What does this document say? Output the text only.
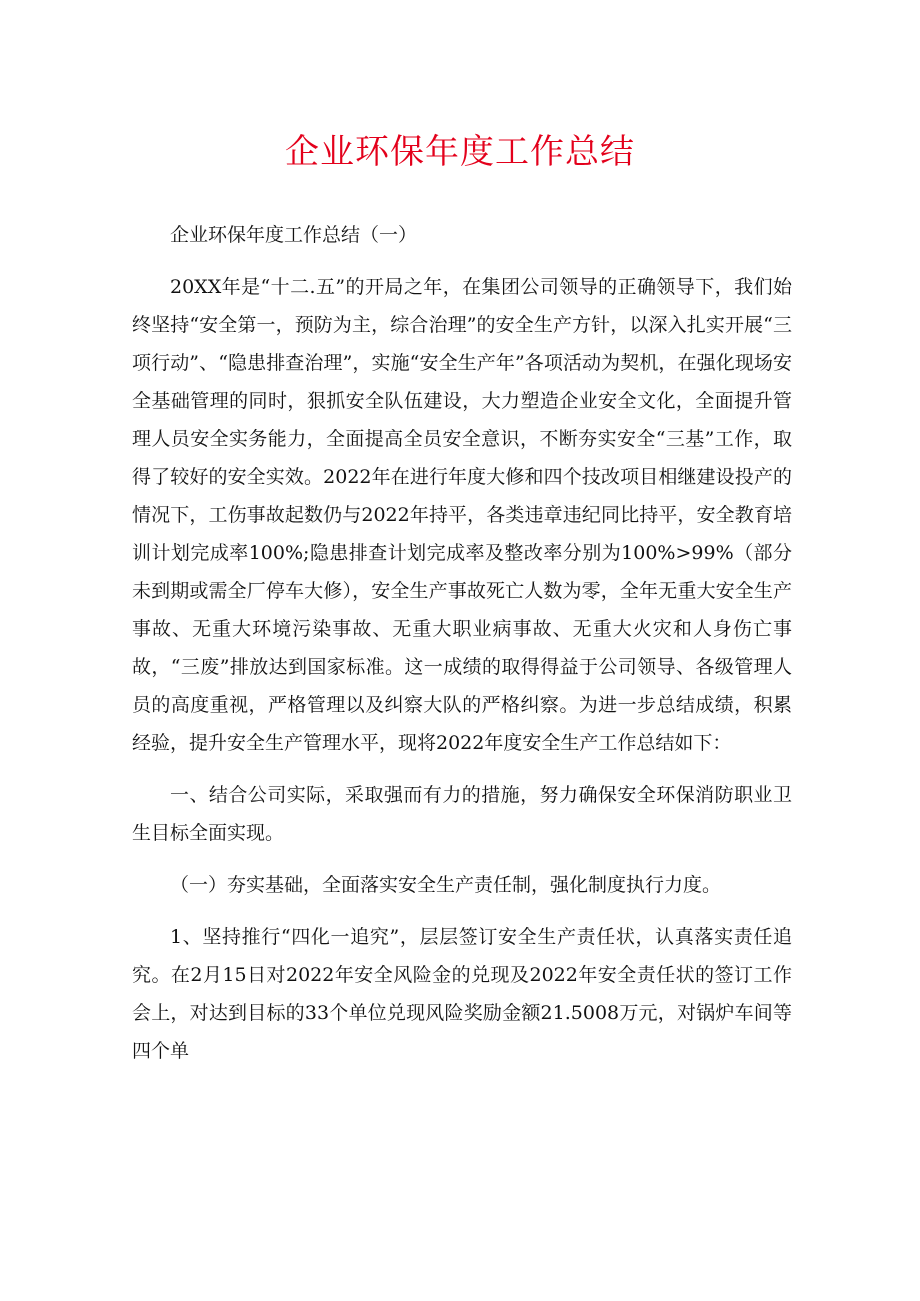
企业环保年度工作总结

企业环保年度工作总结（一）

20XX年是“十二.五”的开局之年，在集团公司领导的正确领导下，我们始终坚持“安全第一，预防为主，综合治理”的安全生产方针，以深入扎实开展“三项行动”、“隐患排查治理”，实施“安全生产年”各项活动为契机，在强化现场安全基础管理的同时，狠抓安全队伍建设，大力塑造企业安全文化，全面提升管理人员安全实务能力，全面提高全员安全意识，不断夯实安全“三基”工作，取得了较好的安全实效。2022年在进行年度大修和四个技改项目相继建设投产的情况下，工伤事故起数仍与2022年持平，各类违章违纪同比持平，安全教育培训计划完成率100%;隐患排查计划完成率及整改率分别为100%>99%（部分未到期或需全厂停车大修），安全生产事故死亡人数为零，全年无重大安全生产事故、无重大环境污染事故、无重大职业病事故、无重大火灾和人身伤亡事故，“三废”排放达到国家标准。这一成绩的取得得益于公司领导、各级管理人员的高度重视，严格管理以及纠察大队的严格纠察。为进一步总结成绩，积累经验，提升安全生产管理水平，现将2022年度安全生产工作总结如下：

一、结合公司实际，采取强而有力的措施，努力确保安全环保消防职业卫生目标全面实现。

（一）夯实基础，全面落实安全生产责任制，强化制度执行力度。

1、坚持推行“四化一追究”，层层签订安全生产责任状，认真落实责任追究。在2月15日对2022年安全风险金的兑现及2022年安全责任状的签订工作会上，对达到目标的33个单位兑现风险奖励金额21.5008万元，对锅炉车间等四个单
